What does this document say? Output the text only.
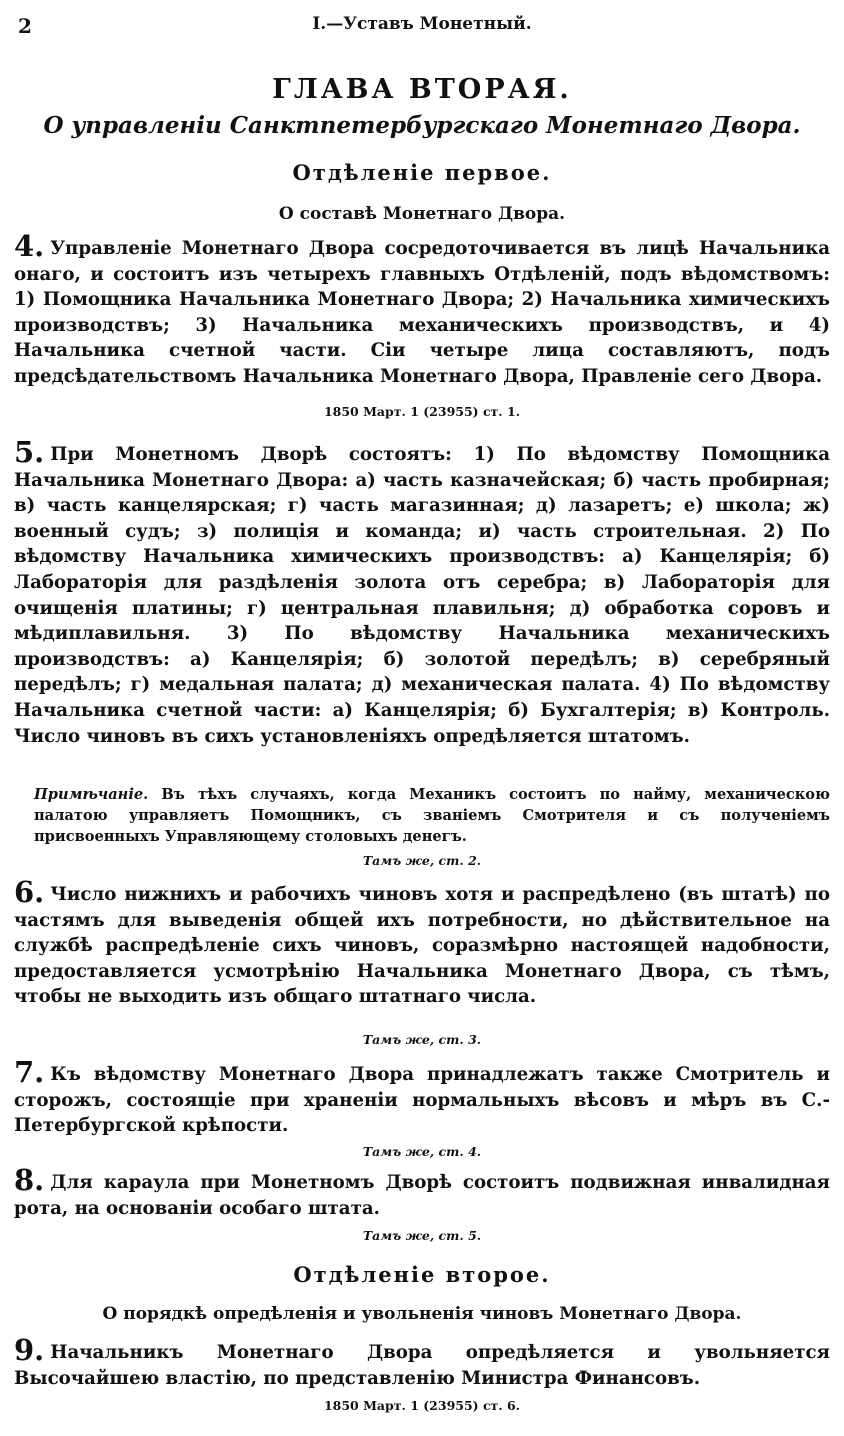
2	I.—Уставъ Монетный.
ГЛАВА ВТОРАЯ.
О управленіи Санктпетербургскаго Монетнаго Двора.
Отдѣленіе первое.
О составѣ Монетнаго Двора.
4. Управленіе Монетнаго Двора сосредоточивается въ лицѣ Начальника онаго, и состоитъ изъ четырехъ главныхъ Отдѣленій, подъ вѣдомствомъ: 1) Помощника Начальника Монетнаго Двора; 2) Начальника химическихъ производствъ; 3) Начальника механическихъ производствъ, и 4) Начальника счетной части. Сіи четыре лица составляютъ, подъ предсѣдательствомъ Начальника Монетнаго Двора, Правленіе сего Двора.
1850 Март. 1 (23955) ст. 1.
5. При Монетномъ Дворѣ состоятъ: 1) По вѣдомству Помощника Начальника Монетнаго Двора: а) часть казначейская; б) часть пробирная; в) часть канцелярская; г) часть магазинная; д) лазаретъ; е) школа; ж) военный судъ; з) полиція и команда; и) часть строительная. 2) По вѣдомству Начальника химическихъ производствъ: а) Канцелярія; б) Лабораторія для раздѣленія золота отъ серебра; в) Лабораторія для очищенія платины; г) центральная плавильня; д) обработка соровъ и мѣдиплавильня. 3) По вѣдомству Начальника механическихъ производствъ: а) Канцелярія; б) золотой передѣлъ; в) серебряный передѣлъ; г) медальная палата; д) механическая палата. 4) По вѣдомству Начальника счетной части: а) Канцелярія; б) Бухгалтерія; в) Контроль. Число чиновъ въ сихъ установленіяхъ опредѣляется штатомъ.
Примѣчаніе. Въ тѣхъ случаяхъ, когда Механикъ состоитъ по найму, механическою палатою управляетъ Помощникъ, съ званіемъ Смотрителя и съ полученіемъ присвоенныхъ Управляющему столовыхъ денегъ.
Тамъ же, ст. 2.
6. Число нижнихъ и рабочихъ чиновъ хотя и распредѣлено (въ штатѣ) по частямъ для выведенія общей ихъ потребности, но дѣйствительное на службѣ распредѣленіе сихъ чиновъ, соразмѣрно настоящей надобности, предоставляется усмотрѣнію Начальника Монетнаго Двора, съ тѣмъ, чтобы не выходить изъ общаго штатнаго числа.
Тамъ же, ст. 3.
7. Къ вѣдомству Монетнаго Двора принадлежатъ также Смотритель и сторожъ, состоящіе при храненіи нормальныхъ вѣсовъ и мѣръ въ С.-Петербургской крѣпости.
Тамъ же, ст. 4.
8. Для караула при Монетномъ Дворѣ состоитъ подвижная инвалидная рота, на основаніи особаго штата.
Тамъ же, ст. 5.
Отдѣленіе второе.
О порядкѣ опредѣленія и увольненія чиновъ Монетнаго Двора.
9. Начальникъ Монетнаго Двора опредѣляется и увольняется Высочайшею властію, по представленію Министра Финансовъ.
1850 Март. 1 (23955) ст. 6.
